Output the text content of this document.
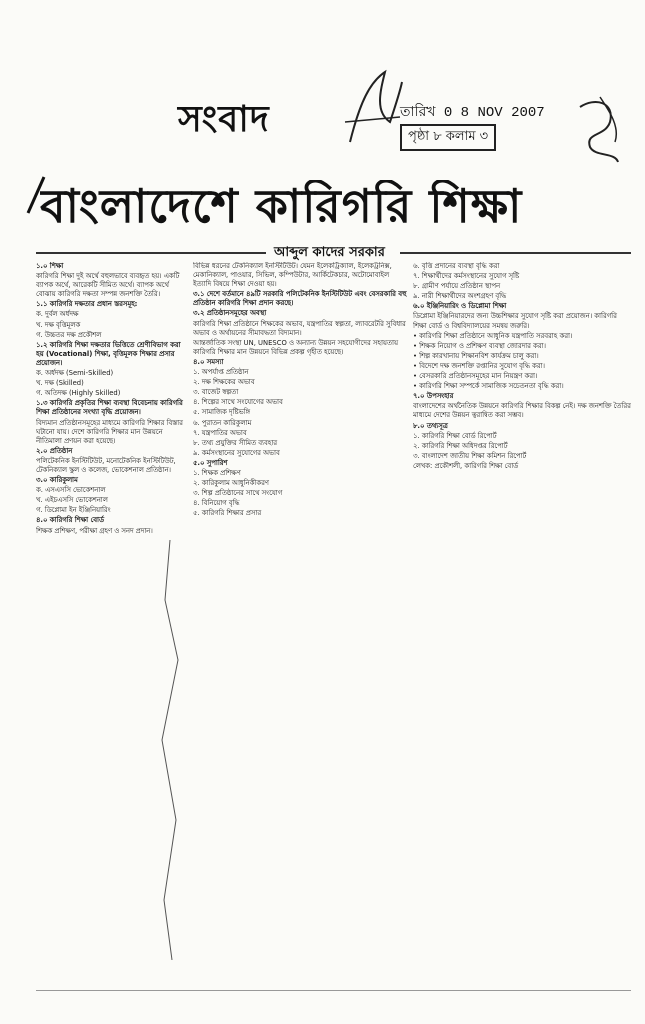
সংবাদ	তারিখ 0 8 NOV 2007
পৃষ্ঠা ৮ কলাম ৩
বাংলাদেশে কারিগরি শিক্ষা
আব্দুল কাদের সরকার

১.০ শিক্ষা

কারিগরি শিক্ষা দুই অর্থে বহুলভাবে ব্যবহৃত হয়। একটি ব্যাপক অর্থে, আরেকটি সীমিত অর্থে। ব্যাপক অর্থে বোঝায় কারিগরি দক্ষতা সম্পন্ন জনশক্তি তৈরি।

১.১ কারিগরি দক্ষতার প্রধান স্তরসমূহ:

ক. দুর্বল অর্ধদক্ষ

খ. দক্ষ বৃত্তিমূলক

গ. উচ্চতর দক্ষ প্রকৌশল

১.২ কারিগরি শিক্ষা দক্ষতার ভিত্তিতে শ্রেণীবিভাগ করা হয় (Vocational) শিক্ষা, বৃত্তিমূলক শিক্ষার প্রসার প্রয়োজন।

ক. অর্ধদক্ষ (Semi-Skilled)

খ. দক্ষ (Skilled)

গ. অতিদক্ষ (Highly Skilled)

১.৩ কারিগরি প্রকৃতির শিক্ষা ব্যবস্থা বিবেচনায় কারিগরি শিক্ষা প্রতিষ্ঠানের সংখ্যা বৃদ্ধি প্রয়োজন।

বিদ্যমান প্রতিষ্ঠানসমূহের মাধ্যমে কারিগরি শিক্ষার বিস্তার ঘটানো যায়। দেশে কারিগরি শিক্ষার মান উন্নয়নে নীতিমালা প্রণয়ন করা হয়েছে।

২.০ প্রতিষ্ঠান

পলিটেকনিক ইনস্টিটিউট, মনোটেকনিক ইনস্টিটিউট, টেকনিক্যাল স্কুল ও কলেজ, ভোকেশনাল প্রতিষ্ঠান।

৩.০ কারিকুলাম

ক. এসএসসি ভোকেশনাল

খ. এইচএসসি ভোকেশনাল

গ. ডিপ্লোমা ইন ইঞ্জিনিয়ারিং

৪.০ কারিগরি শিক্ষা বোর্ড

শিক্ষক প্রশিক্ষণ, পরীক্ষা গ্রহণ ও সনদ প্রদান।

বিভিন্ন ধরনের টেকনিক্যাল ইনস্টিটিউট। যেমন ইলেকট্রিক্যাল, ইলেকট্রনিক্স, মেকানিক্যাল, পাওয়ার, সিভিল, কম্পিউটার, আর্কিটেকচার, অটোমোবাইল ইত্যাদি বিষয়ে শিক্ষা দেওয়া হয়।

৩.১ দেশে বর্তমানে ৪৯টি সরকারি পলিটেকনিক ইনস্টিটিউট এবং বেসরকারি বহু প্রতিষ্ঠান কারিগরি শিক্ষা প্রদান করছে।

৩.২ প্রতিষ্ঠানসমূহের অবস্থা

কারিগরি শিক্ষা প্রতিষ্ঠানে শিক্ষকের অভাব, যন্ত্রপাতির স্বল্পতা, ল্যাবরেটরি সুবিধার অভাব ও অর্থায়নের সীমাবদ্ধতা বিদ্যমান।

আন্তর্জাতিক সংস্থা UN, UNESCO ও অন্যান্য উন্নয়ন সহযোগীদের সহায়তায় কারিগরি শিক্ষার মান উন্নয়নে বিভিন্ন প্রকল্প গৃহীত হয়েছে।

৪.০ সমস্যা

১. অপর্যাপ্ত প্রতিষ্ঠান

২. দক্ষ শিক্ষকের অভাব

৩. বাজেট স্বল্পতা

৪. শিল্পের সাথে সংযোগের অভাব

৫. সামাজিক দৃষ্টিভঙ্গি

৬. পুরাতন কারিকুলাম

৭. যন্ত্রপাতির অভাব

৮. তথ্য প্রযুক্তির সীমিত ব্যবহার

৯. কর্মসংস্থানের সুযোগের অভাব

৫.০ সুপারিশ

১. শিক্ষক প্রশিক্ষণ

২. কারিকুলাম আধুনিকীকরণ

৩. শিল্প প্রতিষ্ঠানের সাথে সংযোগ

৪. বিনিয়োগ বৃদ্ধি

৫. কারিগরি শিক্ষার প্রসার

৬. বৃত্তি প্রদানের ব্যবস্থা বৃদ্ধি করা

৭. শিক্ষার্থীদের কর্মসংস্থানের সুযোগ সৃষ্টি

৮. গ্রামীণ পর্যায়ে প্রতিষ্ঠান স্থাপন

৯. নারী শিক্ষার্থীদের অংশগ্রহণ বৃদ্ধি

৬.০ ইঞ্জিনিয়ারিং ও ডিপ্লোমা শিক্ষা

ডিপ্লোমা ইঞ্জিনিয়ারদের জন্য উচ্চশিক্ষার সুযোগ সৃষ্টি করা প্রয়োজন। কারিগরি শিক্ষা বোর্ড ও বিশ্ববিদ্যালয়ের সমন্বয় জরুরি।

• কারিগরি শিক্ষা প্রতিষ্ঠানে আধুনিক যন্ত্রপাতি সরবরাহ করা।

• শিক্ষক নিয়োগ ও প্রশিক্ষণ ব্যবস্থা জোরদার করা।

• শিল্প কারখানায় শিক্ষানবিশ কার্যক্রম চালু করা।

• বিদেশে দক্ষ জনশক্তি রপ্তানির সুযোগ বৃদ্ধি করা।

• বেসরকারি প্রতিষ্ঠানসমূহের মান নিয়ন্ত্রণ করা।

• কারিগরি শিক্ষা সম্পর্কে সামাজিক সচেতনতা বৃদ্ধি করা।

৭.০ উপসংহার

বাংলাদেশের অর্থনৈতিক উন্নয়নে কারিগরি শিক্ষার বিকল্প নেই। দক্ষ জনশক্তি তৈরির মাধ্যমে দেশের উন্নয়ন ত্বরান্বিত করা সম্ভব।

৮.০ তথ্যসূত্র

১. কারিগরি শিক্ষা বোর্ড রিপোর্ট

২. কারিগরি শিক্ষা অধিদপ্তর রিপোর্ট

৩. বাংলাদেশ জাতীয় শিক্ষা কমিশন রিপোর্ট

লেখক: প্রকৌশলী, কারিগরি শিক্ষা বোর্ড
